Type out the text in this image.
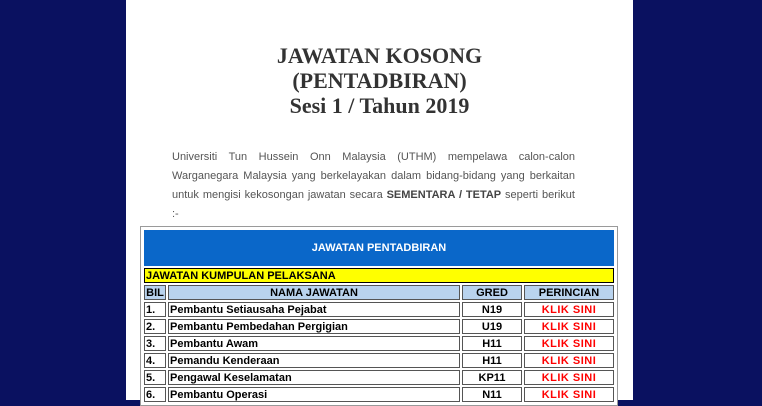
JAWATAN KOSONG
(PENTADBIRAN)
Sesi 1 / Tahun 2019
Universiti Tun Hussein Onn Malaysia (UTHM) mempelawa calon-calon Warganegara Malaysia yang berkelayakan dalam bidang-bidang yang berkaitan untuk mengisi kekosongan jawatan secara SEMENTARA / TETAP seperti berikut :-
JAWATAN PENTADBIRAN			
JAWATAN KUMPULAN PELAKSANA			
BIL	NAMA JAWATAN	GRED	PERINCIAN
1.	Pembantu Setiausaha Pejabat	N19	KLIK SINI
2.	Pembantu Pembedahan Pergigian	U19	KLIK SINI
3.	Pembantu Awam	H11	KLIK SINI
4.	Pemandu Kenderaan	H11	KLIK SINI
5.	Pengawal Keselamatan	KP11	KLIK SINI
6.	Pembantu Operasi	N11	KLIK SINI
